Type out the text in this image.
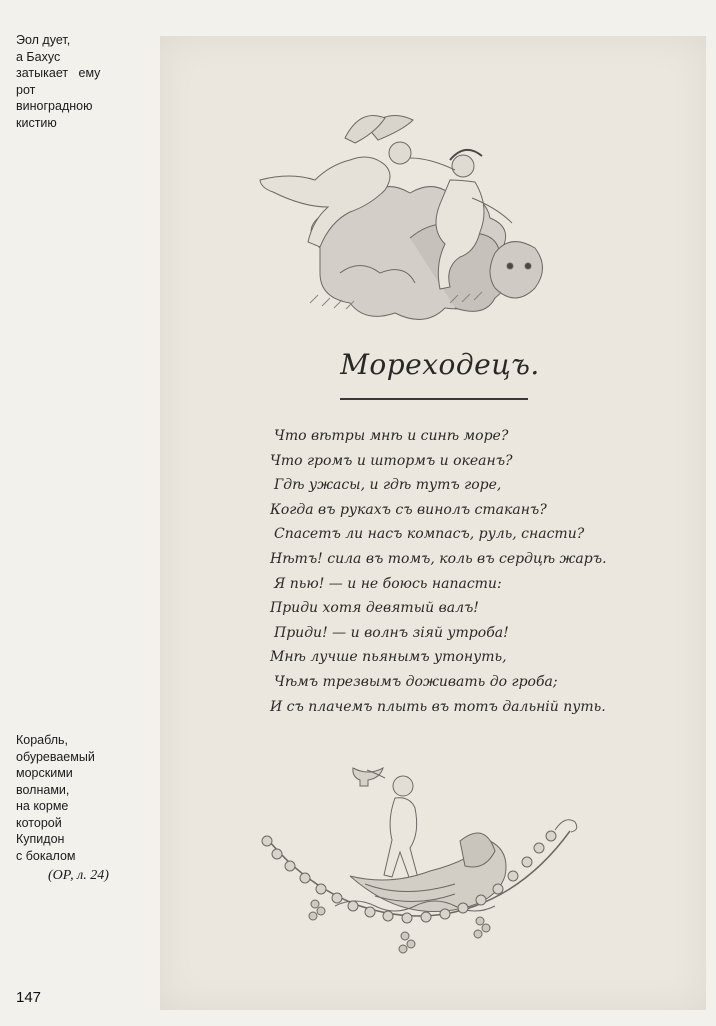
Эол дует,
а Бахус
затыкает   ему
рот
виноградною
кистию
Корабль,
обуреваемый
морскими
волнами,
на корме
которой
Купидон
с бокалом
(ОР, л. 24)
147
Мореходецъ.
Что вѣтры мнѣ и синѣ море?
Что громъ и штормъ и океанъ?
Гдѣ ужасы, и гдѣ тутъ горе,
Когда въ рукахъ съ винолъ стаканъ?
Спасетъ ли насъ компасъ, руль, снасти?
Нѣтъ! сила въ томъ, коль въ сердцѣ жаръ.
Я пью! — и не боюсь напасти:
Приди хотя девятый валъ!
Приди! — и волнъ зіяй утроба!
Мнѣ лучше пьянымъ утонуть,
Чѣмъ трезвымъ доживать до гроба;
И съ плачемъ плыть въ тотъ дальній путь.
